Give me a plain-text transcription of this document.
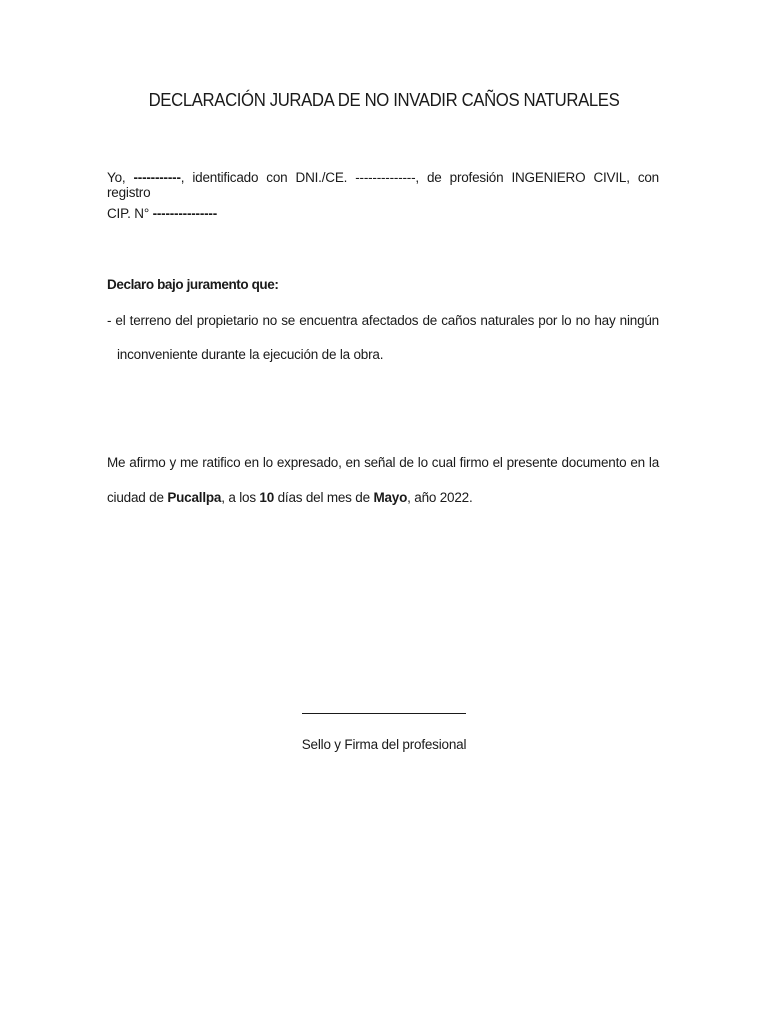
DECLARACIÓN JURADA DE NO INVADIR CAÑOS NATURALES
Yo, -----------, identificado con DNI./CE. --------------, de profesión INGENIERO CIVIL, con registro
CIP. N° ---------------
Declaro bajo juramento que:
- el terreno del propietario no se encuentra afectados de caños naturales por lo no hay ningún
inconveniente durante la ejecución de la obra.
Me afirmo y me ratifico en lo expresado, en señal de lo cual firmo el presente documento en la
ciudad de Pucallpa, a los 10 días del mes de Mayo, año 2022.
Sello y Firma del profesional
